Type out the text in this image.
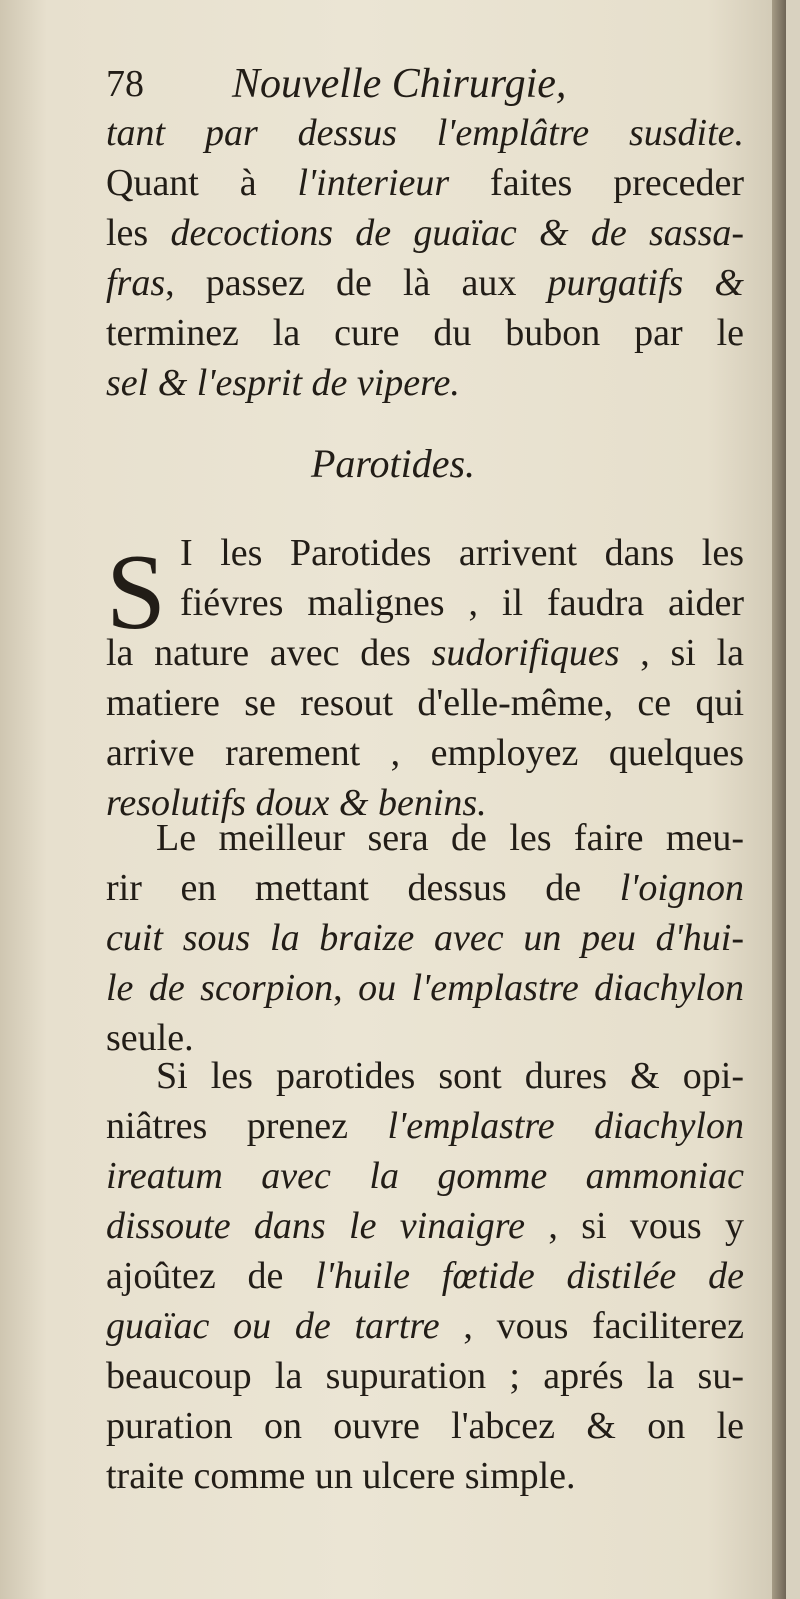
78 Nouvelle Chirurgie,
tant par dessus l'emplâtre susdite.
Quant à l'interieur faites preceder
les decoctions de guaïac & de sassa-
fras, passez de là aux purgatifs &
terminez la cure du bubon par le
sel & l'esprit de vipere.
Parotides.
S I les Parotides arrivent dans les
fiévres malignes , il faudra aider
la nature avec des sudorifiques , si la
matiere se resout d'elle-même, ce qui
arrive rarement , employez quelques
resolutifs doux & benins.
Le meilleur sera de les faire meu-
rir en mettant dessus de l'oignon
cuit sous la braize avec un peu d'hui-
le de scorpion, ou l'emplastre diachylon
seule.
Si les parotides sont dures & opi-
niâtres prenez l'emplastre diachylon
ireatum avec la gomme ammoniac
dissoute dans le vinaigre , si vous y
ajoûtez de l'huile fœtide distilée de
guaïac ou de tartre , vous faciliterez
beaucoup la supuration ; aprés la su-
puration on ouvre l'abcez & on le
traite comme un ulcere simple.
